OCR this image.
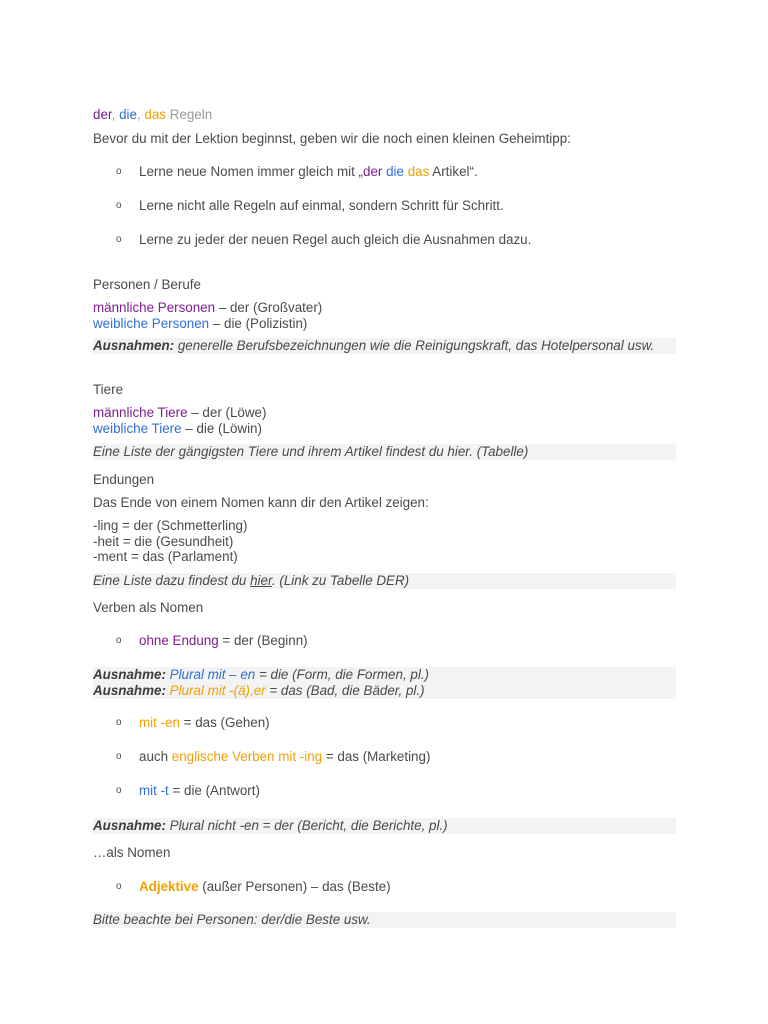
der, die, das Regeln
Bevor du mit der Lektion beginnst, geben wir die noch einen kleinen Geheimtipp:
o Lerne neue Nomen immer gleich mit „der die das Artikel“.
o Lerne nicht alle Regeln auf einmal, sondern Schritt für Schritt.
o Lerne zu jeder der neuen Regel auch gleich die Ausnahmen dazu.
Personen / Berufe
männliche Personen – der (Großvater)
weibliche Personen – die (Polizistin)
Ausnahmen: generelle Berufsbezeichnungen wie die Reinigungskraft, das Hotelpersonal usw.
Tiere
männliche Tiere – der (Löwe)
weibliche Tiere – die (Löwin)
Eine Liste der gängigsten Tiere und ihrem Artikel findest du hier. (Tabelle)
Endungen
Das Ende von einem Nomen kann dir den Artikel zeigen:
-ling = der (Schmetterling)
-heit = die (Gesundheit)
-ment = das (Parlament)
Eine Liste dazu findest du hier. (Link zu Tabelle DER)
Verben als Nomen
o ohne Endung = der (Beginn)
Ausnahme: Plural mit – en = die (Form, die Formen, pl.)
Ausnahme: Plural mit -(ä),er = das (Bad, die Bäder, pl.)
o mit -en = das (Gehen)
o auch englische Verben mit -ing = das (Marketing)
o mit -t = die (Antwort)
Ausnahme: Plural nicht -en = der (Bericht, die Berichte, pl.)
…als Nomen
o Adjektive (außer Personen) – das (Beste)
Bitte beachte bei Personen: der/die Beste usw.
